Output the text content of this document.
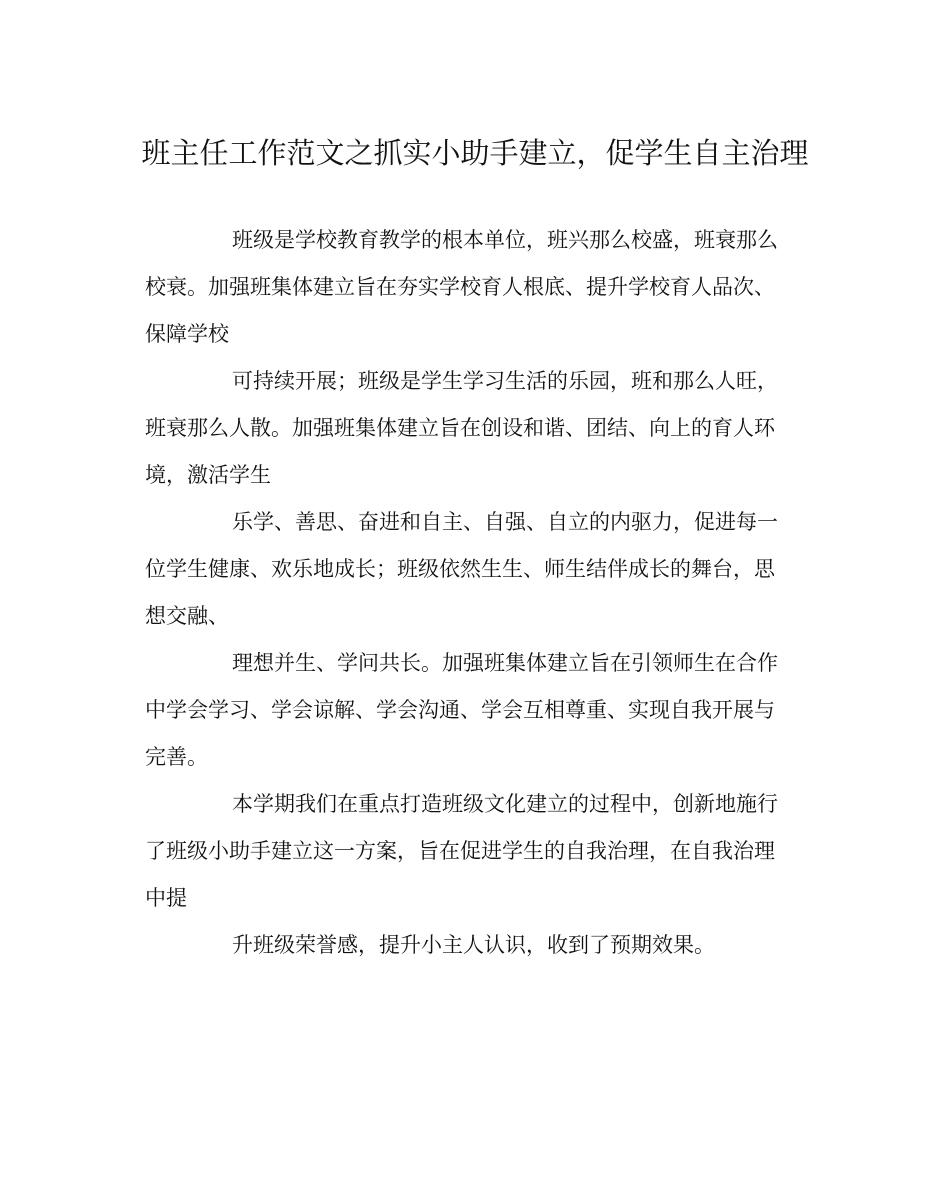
班主任工作范文之抓实小助手建立，促学生自主治理
班级是学校教育教学的根本单位，班兴那么校盛，班衰那么
校衰。加强班集体建立旨在夯实学校育人根底、提升学校育人品次、
保障学校
可持续开展；班级是学生学习生活的乐园，班和那么人旺，
班衰那么人散。加强班集体建立旨在创设和谐、团结、向上的育人环
境，激活学生
乐学、善思、奋进和自主、自强、自立的内驱力，促进每一
位学生健康、欢乐地成长；班级依然生生、师生结伴成长的舞台，思
想交融、
理想并生、学问共长。加强班集体建立旨在引领师生在合作
中学会学习、学会谅解、学会沟通、学会互相尊重、实现自我开展与
完善。
本学期我们在重点打造班级文化建立的过程中，创新地施行
了班级小助手建立这一方案，旨在促进学生的自我治理，在自我治理
中提
升班级荣誉感，提升小主人认识，收到了预期效果。
